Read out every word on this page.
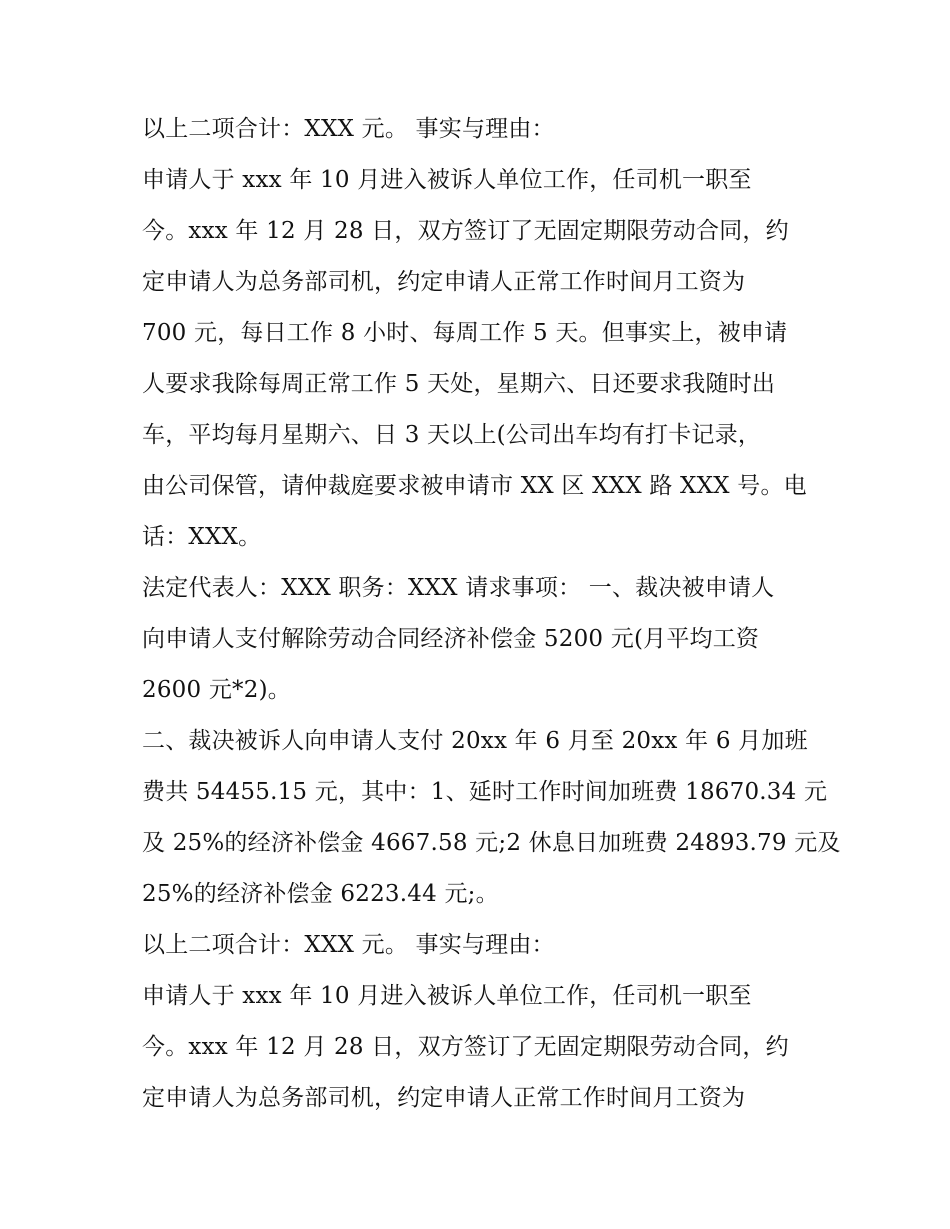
以上二项合计：XXX 元。 事实与理由：
申请人于 xxx 年 10 月进入被诉人单位工作，任司机一职至
今。xxx 年 12 月 28 日，双方签订了无固定期限劳动合同，约
定申请人为总务部司机，约定申请人正常工作时间月工资为
700 元，每日工作 8 小时、每周工作 5 天。但事实上，被申请
人要求我除每周正常工作 5 天处，星期六、日还要求我随时出
车，平均每月星期六、日 3 天以上(公司出车均有打卡记录，
由公司保管，请仲裁庭要求被申请市 XX 区 XXX 路 XXX 号。电
话：XXX。
法定代表人：XXX 职务：XXX 请求事项： 一、裁决被申请人
向申请人支付解除劳动合同经济补偿金 5200 元(月平均工资
2600 元*2)。
二、裁决被诉人向申请人支付 20xx 年 6 月至 20xx 年 6 月加班
费共 54455.15 元，其中：1、延时工作时间加班费 18670.34 元
及 25%的经济补偿金 4667.58 元;2 休息日加班费 24893.79 元及
25%的经济补偿金 6223.44 元;。
以上二项合计：XXX 元。 事实与理由：
申请人于 xxx 年 10 月进入被诉人单位工作，任司机一职至
今。xxx 年 12 月 28 日，双方签订了无固定期限劳动合同，约
定申请人为总务部司机，约定申请人正常工作时间月工资为
